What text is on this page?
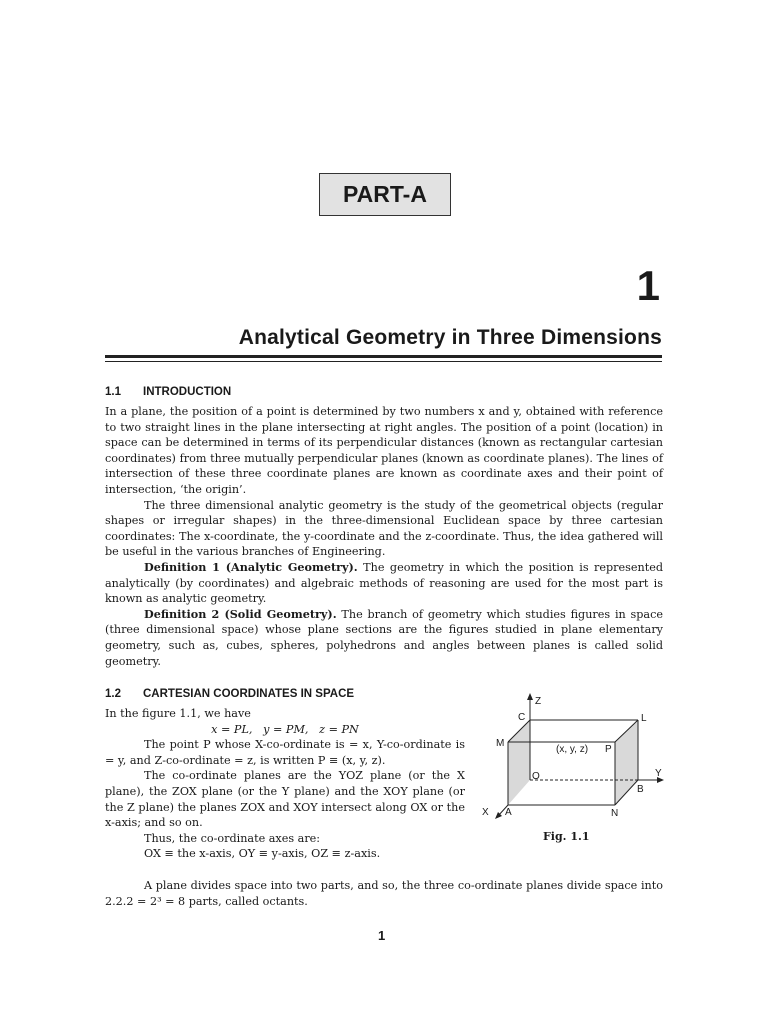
PART-A
1
Analytical Geometry in Three Dimensions
1.1 INTRODUCTION

In a plane, the position of a point is determined by two numbers x and y, obtained with reference to two straight lines in the plane intersecting at right angles. The position of a point (location) in space can be determined in terms of its perpendicular distances (known as rectangular cartesian coordinates) from three mutually perpendicular planes (known as coordinate planes). The lines of intersection of these three coordinate planes are known as coordinate axes and their point of intersection, ‘the origin’.

The three dimensional analytic geometry is the study of the geometrical objects (regular shapes or irregular shapes) in the three-dimensional Euclidean space by three cartesian coordinates: The x-coordinate, the y-coordinate and the z-coordinate. Thus, the idea gathered will be useful in the various branches of Engineering.

Definition 1 (Analytic Geometry). The geometry in which the position is represented analytically (by coordinates) and algebraic methods of reasoning are used for the most part is known as analytic geometry.

Definition 2 (Solid Geometry). The branch of geometry which studies figures in space (three dimensional space) whose plane sections are the figures studied in plane elementary geometry, such as, cubes, spheres, polyhedrons and angles between planes is called solid geometry.

1.2 CARTESIAN COORDINATES IN SPACE

In the figure 1.1, we have

x = PL,   y = PM,   z = PN

The point P whose X-co-ordinate is = x, Y-co-ordinate is = y, and Z-co-ordinate = z, is written P ≡ (x, y, z).

The co-ordinate planes are the YOZ plane (or the X plane), the ZOX plane (or the Y plane) and the XOY plane (or the Z plane) the planes ZOX and XOY intersect along OX or the x-axis; and so on.

Thus, the co-ordinate axes are:

OX ≡ the x-axis, OY ≡ y-axis, OZ ≡ z-axis.

A plane divides space into two parts, and so, the three co-ordinate planes divide space into 2.2.2 = 2³ = 8 parts, called octants.

Z
C	L
M
(x, y, z) P
O	Y
B
X A	N
Fig. 1.1
1
